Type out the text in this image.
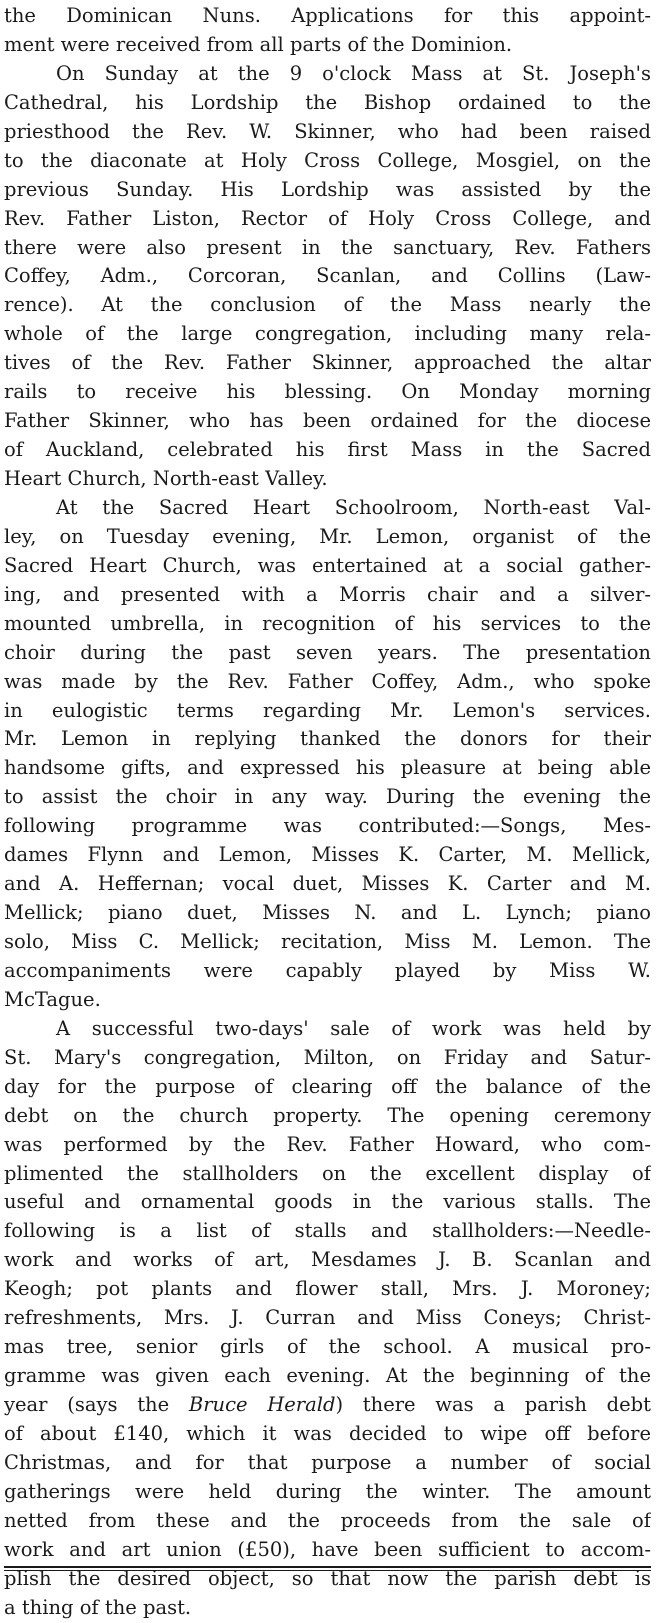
the Dominican Nuns. Applications for this appoint-
ment were received from all parts of the Dominion.
On Sunday at the 9 o'clock Mass at St. Joseph's
Cathedral, his Lordship the Bishop ordained to the
priesthood the Rev. W. Skinner, who had been raised
to the diaconate at Holy Cross College, Mosgiel, on the
previous Sunday. His Lordship was assisted by the
Rev. Father Liston, Rector of Holy Cross College, and
there were also present in the sanctuary, Rev. Fathers
Coffey, Adm., Corcoran, Scanlan, and Collins (Law-
rence). At the conclusion of the Mass nearly the
whole of the large congregation, including many rela-
tives of the Rev. Father Skinner, approached the altar
rails to receive his blessing. On Monday morning
Father Skinner, who has been ordained for the diocese
of Auckland, celebrated his first Mass in the Sacred
Heart Church, North-east Valley.
At the Sacred Heart Schoolroom, North-east Val-
ley, on Tuesday evening, Mr. Lemon, organist of the
Sacred Heart Church, was entertained at a social gather-
ing, and presented with a Morris chair and a silver-
mounted umbrella, in recognition of his services to the
choir during the past seven years. The presentation
was made by the Rev. Father Coffey, Adm., who spoke
in eulogistic terms regarding Mr. Lemon's services.
Mr. Lemon in replying thanked the donors for their
handsome gifts, and expressed his pleasure at being able
to assist the choir in any way. During the evening the
following programme was contributed:—Songs, Mes-
dames Flynn and Lemon, Misses K. Carter, M. Mellick,
and A. Heffernan; vocal duet, Misses K. Carter and M.
Mellick; piano duet, Misses N. and L. Lynch; piano
solo, Miss C. Mellick; recitation, Miss M. Lemon. The
accompaniments were capably played by Miss W.
McTague.
A successful two-days' sale of work was held by
St. Mary's congregation, Milton, on Friday and Satur-
day for the purpose of clearing off the balance of the
debt on the church property. The opening ceremony
was performed by the Rev. Father Howard, who com-
plimented the stallholders on the excellent display of
useful and ornamental goods in the various stalls. The
following is a list of stalls and stallholders:—Needle-
work and works of art, Mesdames J. B. Scanlan and
Keogh; pot plants and flower stall, Mrs. J. Moroney;
refreshments, Mrs. J. Curran and Miss Coneys; Christ-
mas tree, senior girls of the school. A musical pro-
gramme was given each evening. At the beginning of the
year (says the Bruce Herald) there was a parish debt
of about £140, which it was decided to wipe off before
Christmas, and for that purpose a number of social
gatherings were held during the winter. The amount
netted from these and the proceeds from the sale of
work and art union (£50), have been sufficient to accom-
plish the desired object, so that now the parish debt is
a thing of the past.
